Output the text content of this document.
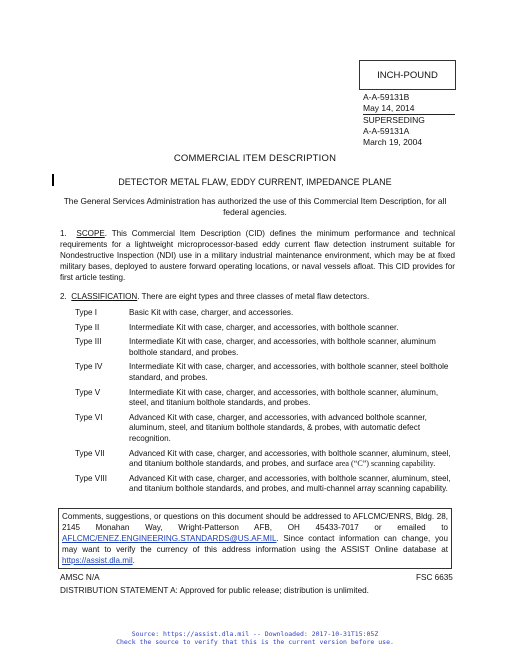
INCH-POUND
A-A-59131B
May 14, 2014
SUPERSEDING
A-A-59131A
March 19, 2004
COMMERCIAL ITEM DESCRIPTION
DETECTOR METAL FLAW, EDDY CURRENT, IMPEDANCE PLANE
The General Services Administration has authorized the use of this Commercial Item Description, for all federal agencies.
1. SCOPE. This Commercial Item Description (CID) defines the minimum performance and technical requirements for a lightweight microprocessor-based eddy current flaw detection instrument suitable for Nondestructive Inspection (NDI) use in a military industrial maintenance environment, which may be at fixed military bases, deployed to austere forward operating locations, or naval vessels afloat. This CID provides for first article testing.
2. CLASSIFICATION. There are eight types and three classes of metal flaw detectors.
Type I	Basic Kit with case, charger, and accessories.
Type II	Intermediate Kit with case, charger, and accessories, with bolthole scanner.
Type III	Intermediate Kit with case, charger, and accessories, with bolthole scanner, aluminum bolthole standard, and probes.
Type IV	Intermediate Kit with case, charger, and accessories, with bolthole scanner, steel bolthole standard, and probes.
Type V	Intermediate Kit with case, charger, and accessories, with bolthole scanner, aluminum, steel, and titanium bolthole standards, and probes.
Type VI	Advanced Kit with case, charger, and accessories, with advanced bolthole scanner, aluminum, steel, and titanium bolthole standards, & probes, with automatic defect recognition.
Type VII	Advanced Kit with case, charger, and accessories, with bolthole scanner, aluminum, steel, and titanium bolthole standards, and probes, and surface area (“C”) scanning capability.
Type VIII	Advanced Kit with case, charger, and accessories, with bolthole scanner, aluminum, steel, and titanium bolthole standards, and probes, and multi-channel array scanning capability.
Comments, suggestions, or questions on this document should be addressed to AFLCMC/ENRS, Bldg. 28, 2145 Monahan Way, Wright-Patterson AFB, OH 45433-7017 or emailed to AFLCMC/ENEZ.ENGINEERING.STANDARDS@US.AF.MIL. Since contact information can change, you may want to verify the currency of this address information using the ASSIST Online database at https://assist.dla.mil.
AMSC N/A	FSC 6635
DISTRIBUTION STATEMENT A: Approved for public release; distribution is unlimited.
Source: https://assist.dla.mil -- Downloaded: 2017-10-31T15:05Z
Check the source to verify that this is the current version before use.
